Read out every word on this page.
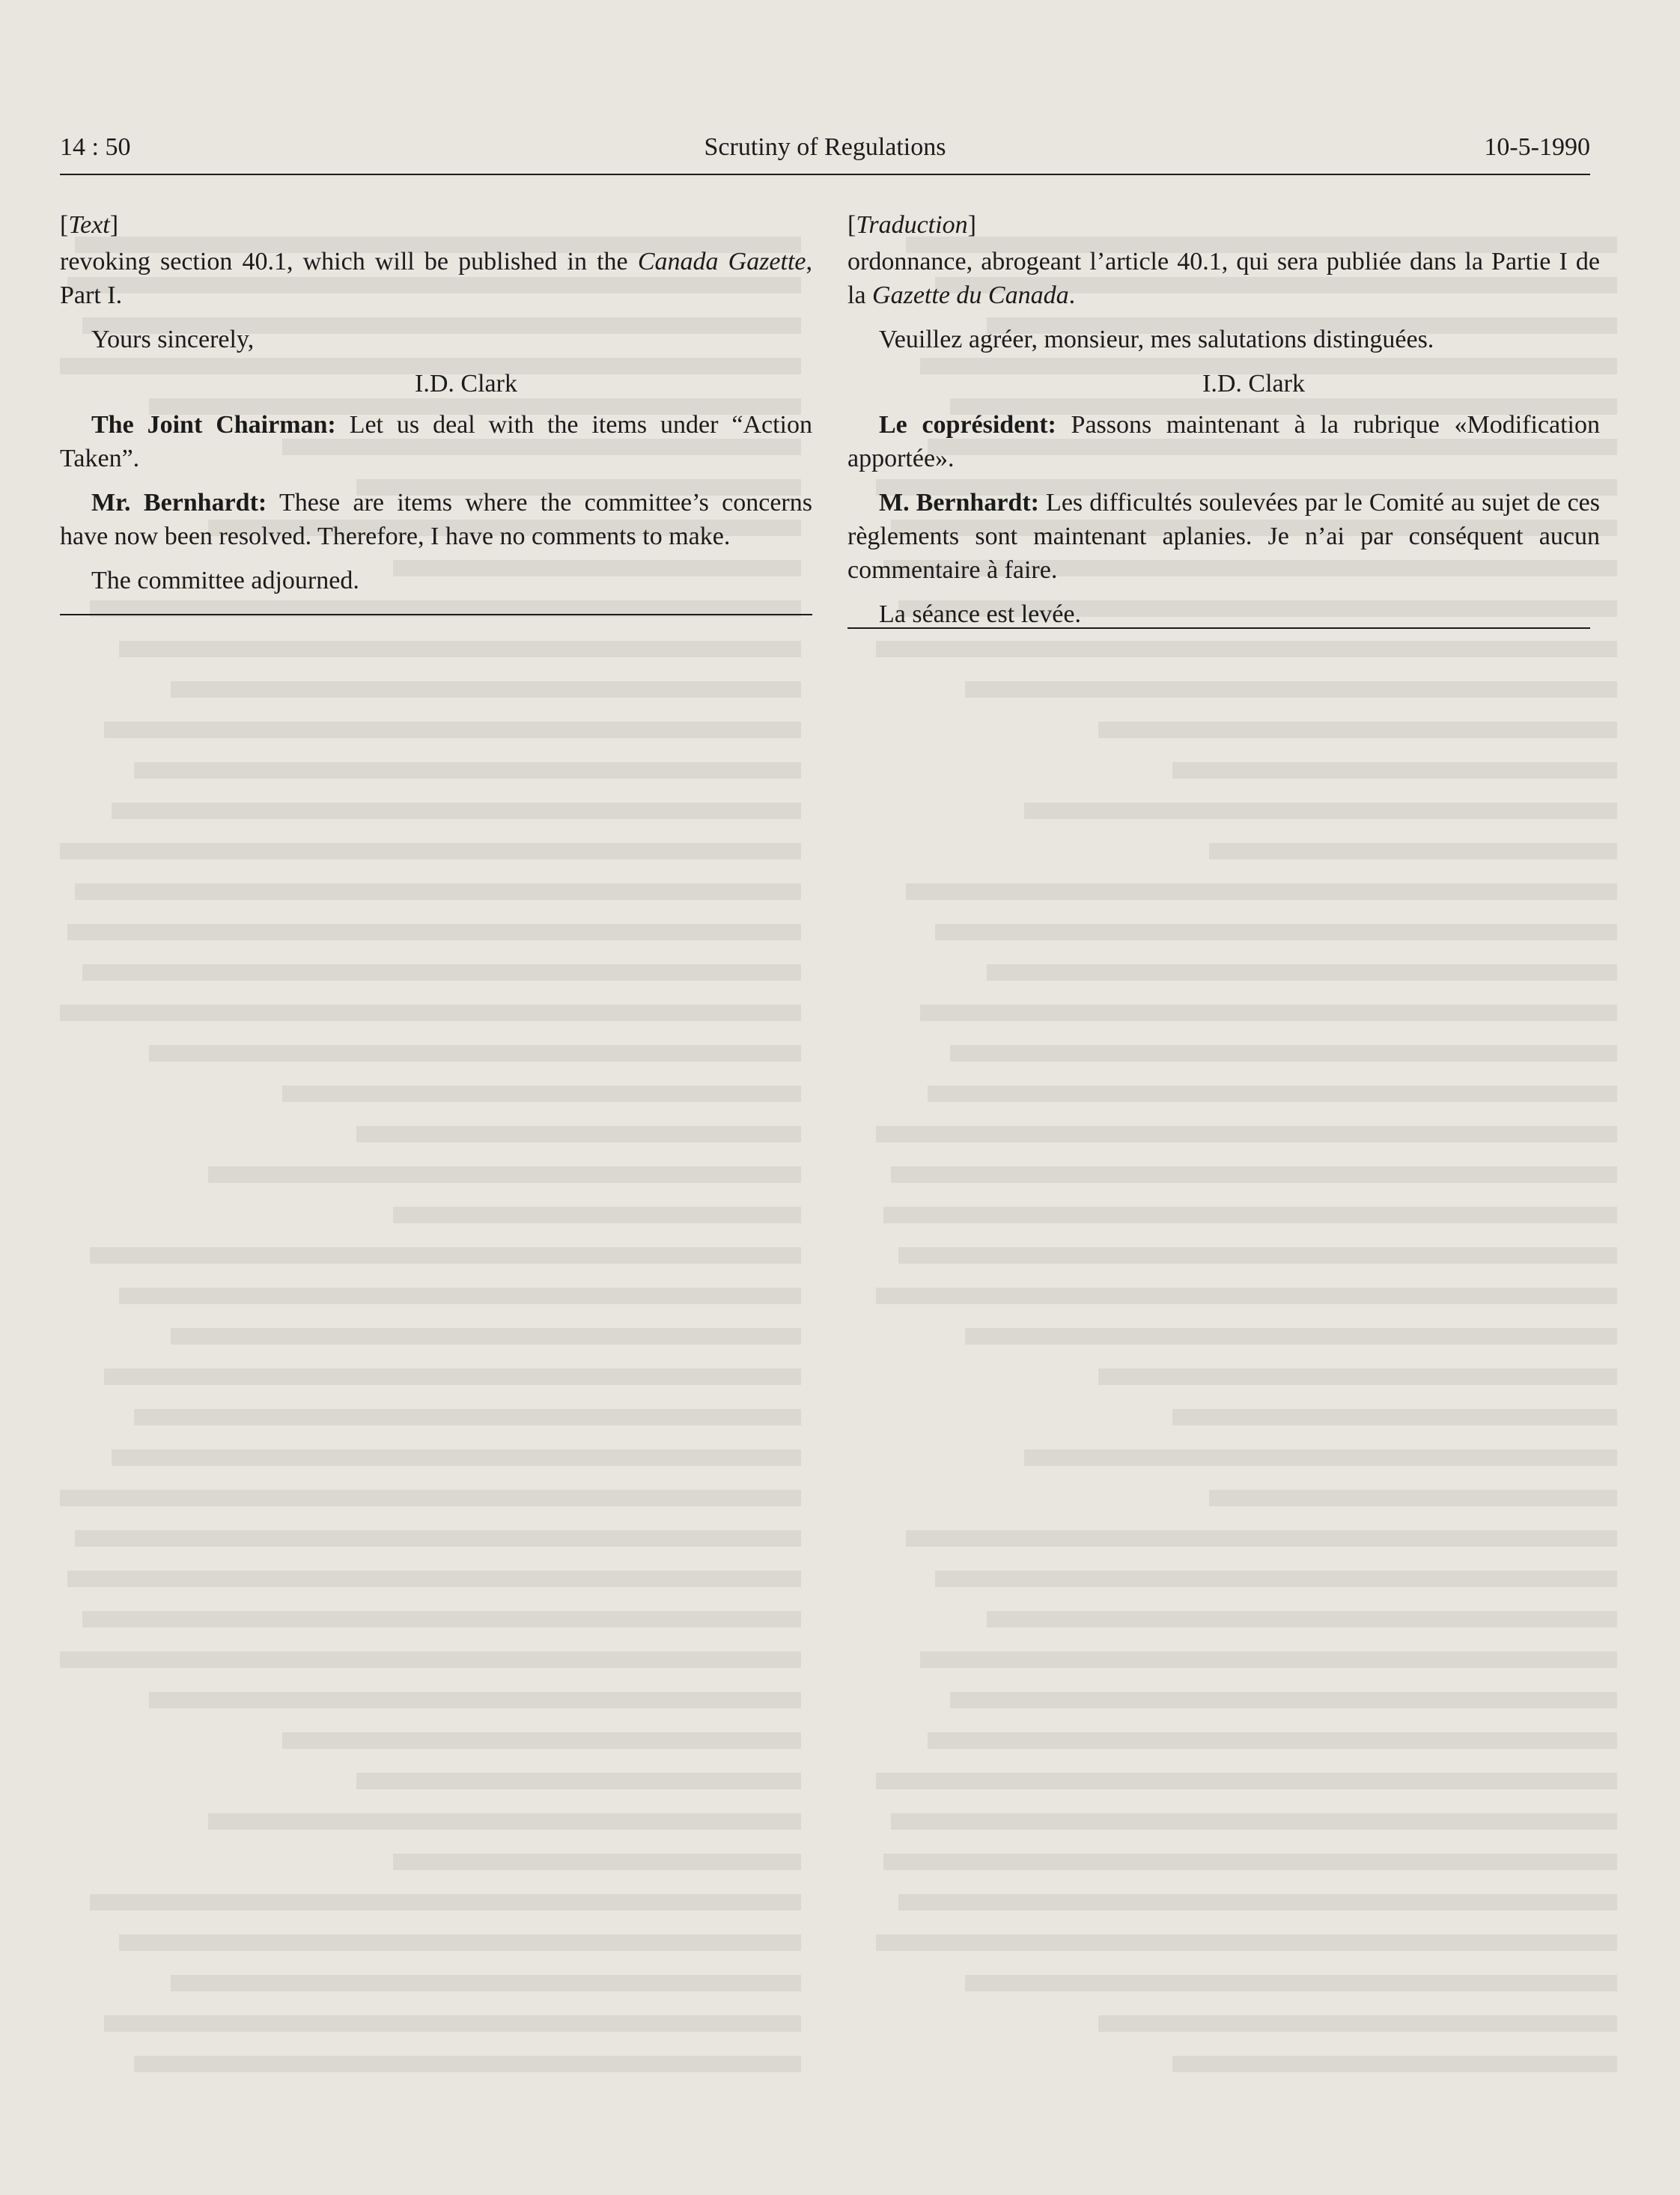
14 : 50	Scrutiny of Regulations	10-5-1990

[Text]

revoking section 40.1, which will be published in the Canada Gazette, Part I.

Yours sincerely,

I.D. Clark

The Joint Chairman: Let us deal with the items under “Action Taken”.

Mr. Bernhardt: These are items where the committee’s concerns have now been resolved. Therefore, I have no comments to make.

The committee adjourned.

[Traduction]

ordonnance, abrogeant l’article 40.1, qui sera publiée dans la Partie I de la Gazette du Canada.

Veuillez agréer, monsieur, mes salutations distinguées.

I.D. Clark

Le coprésident: Passons maintenant à la rubrique «Modification apportée».

M. Bernhardt: Les difficultés soulevées par le Comité au sujet de ces règlements sont maintenant aplanies. Je n’ai par conséquent aucun commentaire à faire.

La séance est levée.
